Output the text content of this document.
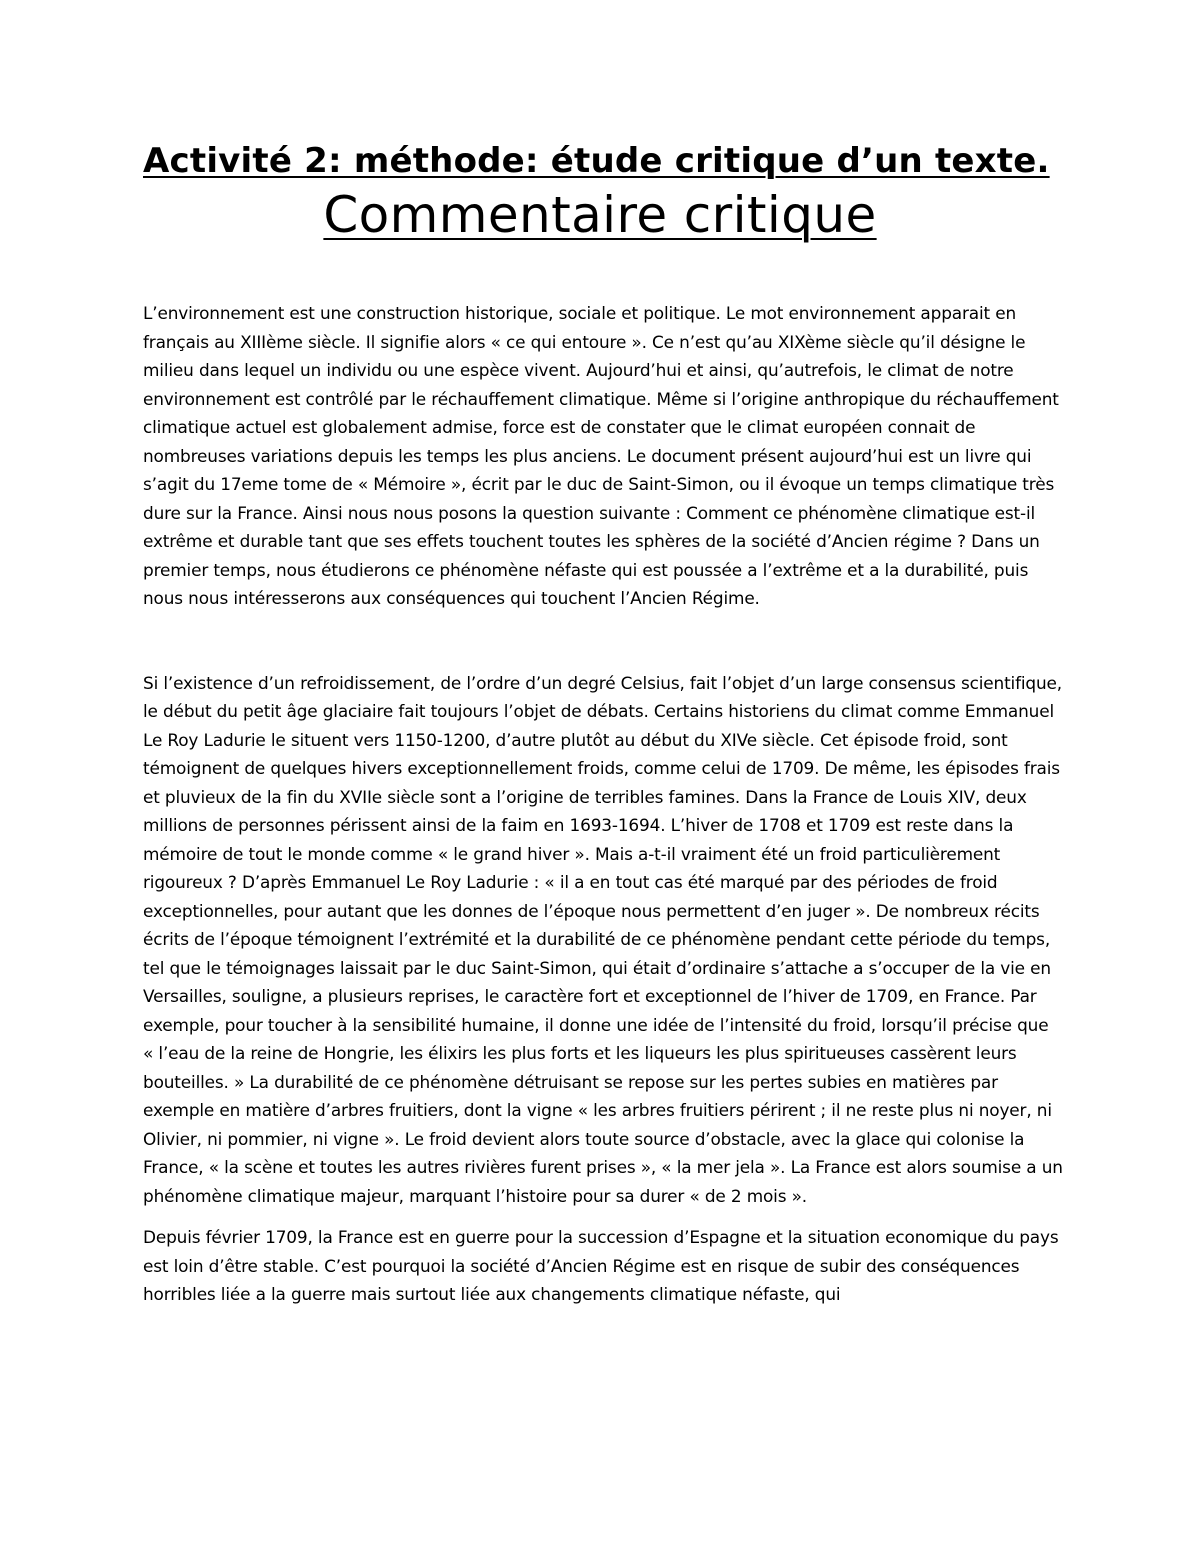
Activité 2: méthode: étude critique d’un texte.
Commentaire critique

L’environnement est une construction historique, sociale et politique. Le mot environnement apparait en français au XIIIème siècle. Il signifie alors « ce qui entoure ». Ce n’est qu’au XIXème siècle qu’il désigne le milieu dans lequel un individu ou une espèce vivent. Aujourd’hui et ainsi, qu’autrefois, le climat de notre environnement est contrôlé par le réchauffement climatique. Même si l’origine anthropique du réchauffement climatique actuel est globalement admise, force est de constater que le climat européen connait de nombreuses variations depuis les temps les plus anciens. Le document présent aujourd’hui est un livre qui s’agit du 17eme tome de « Mémoire », écrit par le duc de Saint-Simon, ou il évoque un temps climatique très dure sur la France. Ainsi nous nous posons la question suivante : Comment ce phénomène climatique est-il extrême et durable tant que ses effets touchent toutes les sphères de la société d’Ancien régime ? Dans un premier temps, nous étudierons ce phénomène néfaste qui est poussée a l’extrême et a la durabilité, puis nous nous intéresserons aux conséquences qui touchent l’Ancien Régime.

Si l’existence d’un refroidissement, de l’ordre d’un degré Celsius, fait l’objet d’un large consensus scientifique, le début du petit âge glaciaire fait toujours l’objet de débats. Certains historiens du climat comme Emmanuel Le Roy Ladurie le situent vers 1150-1200, d’autre plutôt au début du XIVe siècle. Cet épisode froid, sont témoignent de quelques hivers exceptionnellement froids, comme celui de 1709. De même, les épisodes frais et pluvieux de la fin du XVIIe siècle sont a l’origine de terribles famines. Dans la France de Louis XIV, deux millions de personnes périssent ainsi de la faim en 1693-1694. L’hiver de 1708 et 1709 est reste dans la mémoire de tout le monde comme « le grand hiver ». Mais a-t-il vraiment été un froid particulièrement rigoureux ? D’après Emmanuel Le Roy Ladurie : « il a en tout cas été marqué par des périodes de froid exceptionnelles, pour autant que les donnes de l’époque nous permettent d’en juger ». De nombreux récits écrits de l’époque témoignent l’extrémité et la durabilité de ce phénomène pendant cette période du temps, tel que le témoignages laissait par le duc Saint-Simon, qui était d’ordinaire s’attache a s’occuper de la vie en Versailles, souligne, a plusieurs reprises, le caractère fort et exceptionnel de l’hiver de 1709, en France. Par exemple, pour toucher à la sensibilité humaine, il donne une idée de l’intensité du froid, lorsqu’il précise que « l’eau de la reine de Hongrie, les élixirs les plus forts et les liqueurs les plus spiritueuses cassèrent leurs bouteilles. » La durabilité de ce phénomène détruisant se repose sur les pertes subies en matières par exemple en matière d’arbres fruitiers, dont la vigne « les arbres fruitiers périrent ; il ne reste plus ni noyer, ni Olivier, ni pommier, ni vigne ». Le froid devient alors toute source d’obstacle, avec la glace qui colonise la France, « la scène et toutes les autres rivières furent prises », « la mer jela ». La France est alors soumise a un phénomène climatique majeur, marquant l’histoire pour sa durer « de 2 mois ».

Depuis février 1709, la France est en guerre pour la succession d’Espagne et la situation economique du pays est loin d’être stable. C’est pourquoi la société d’Ancien Régime est en risque de subir des conséquences horribles liée a la guerre mais surtout liée aux changements climatique néfaste, qui
